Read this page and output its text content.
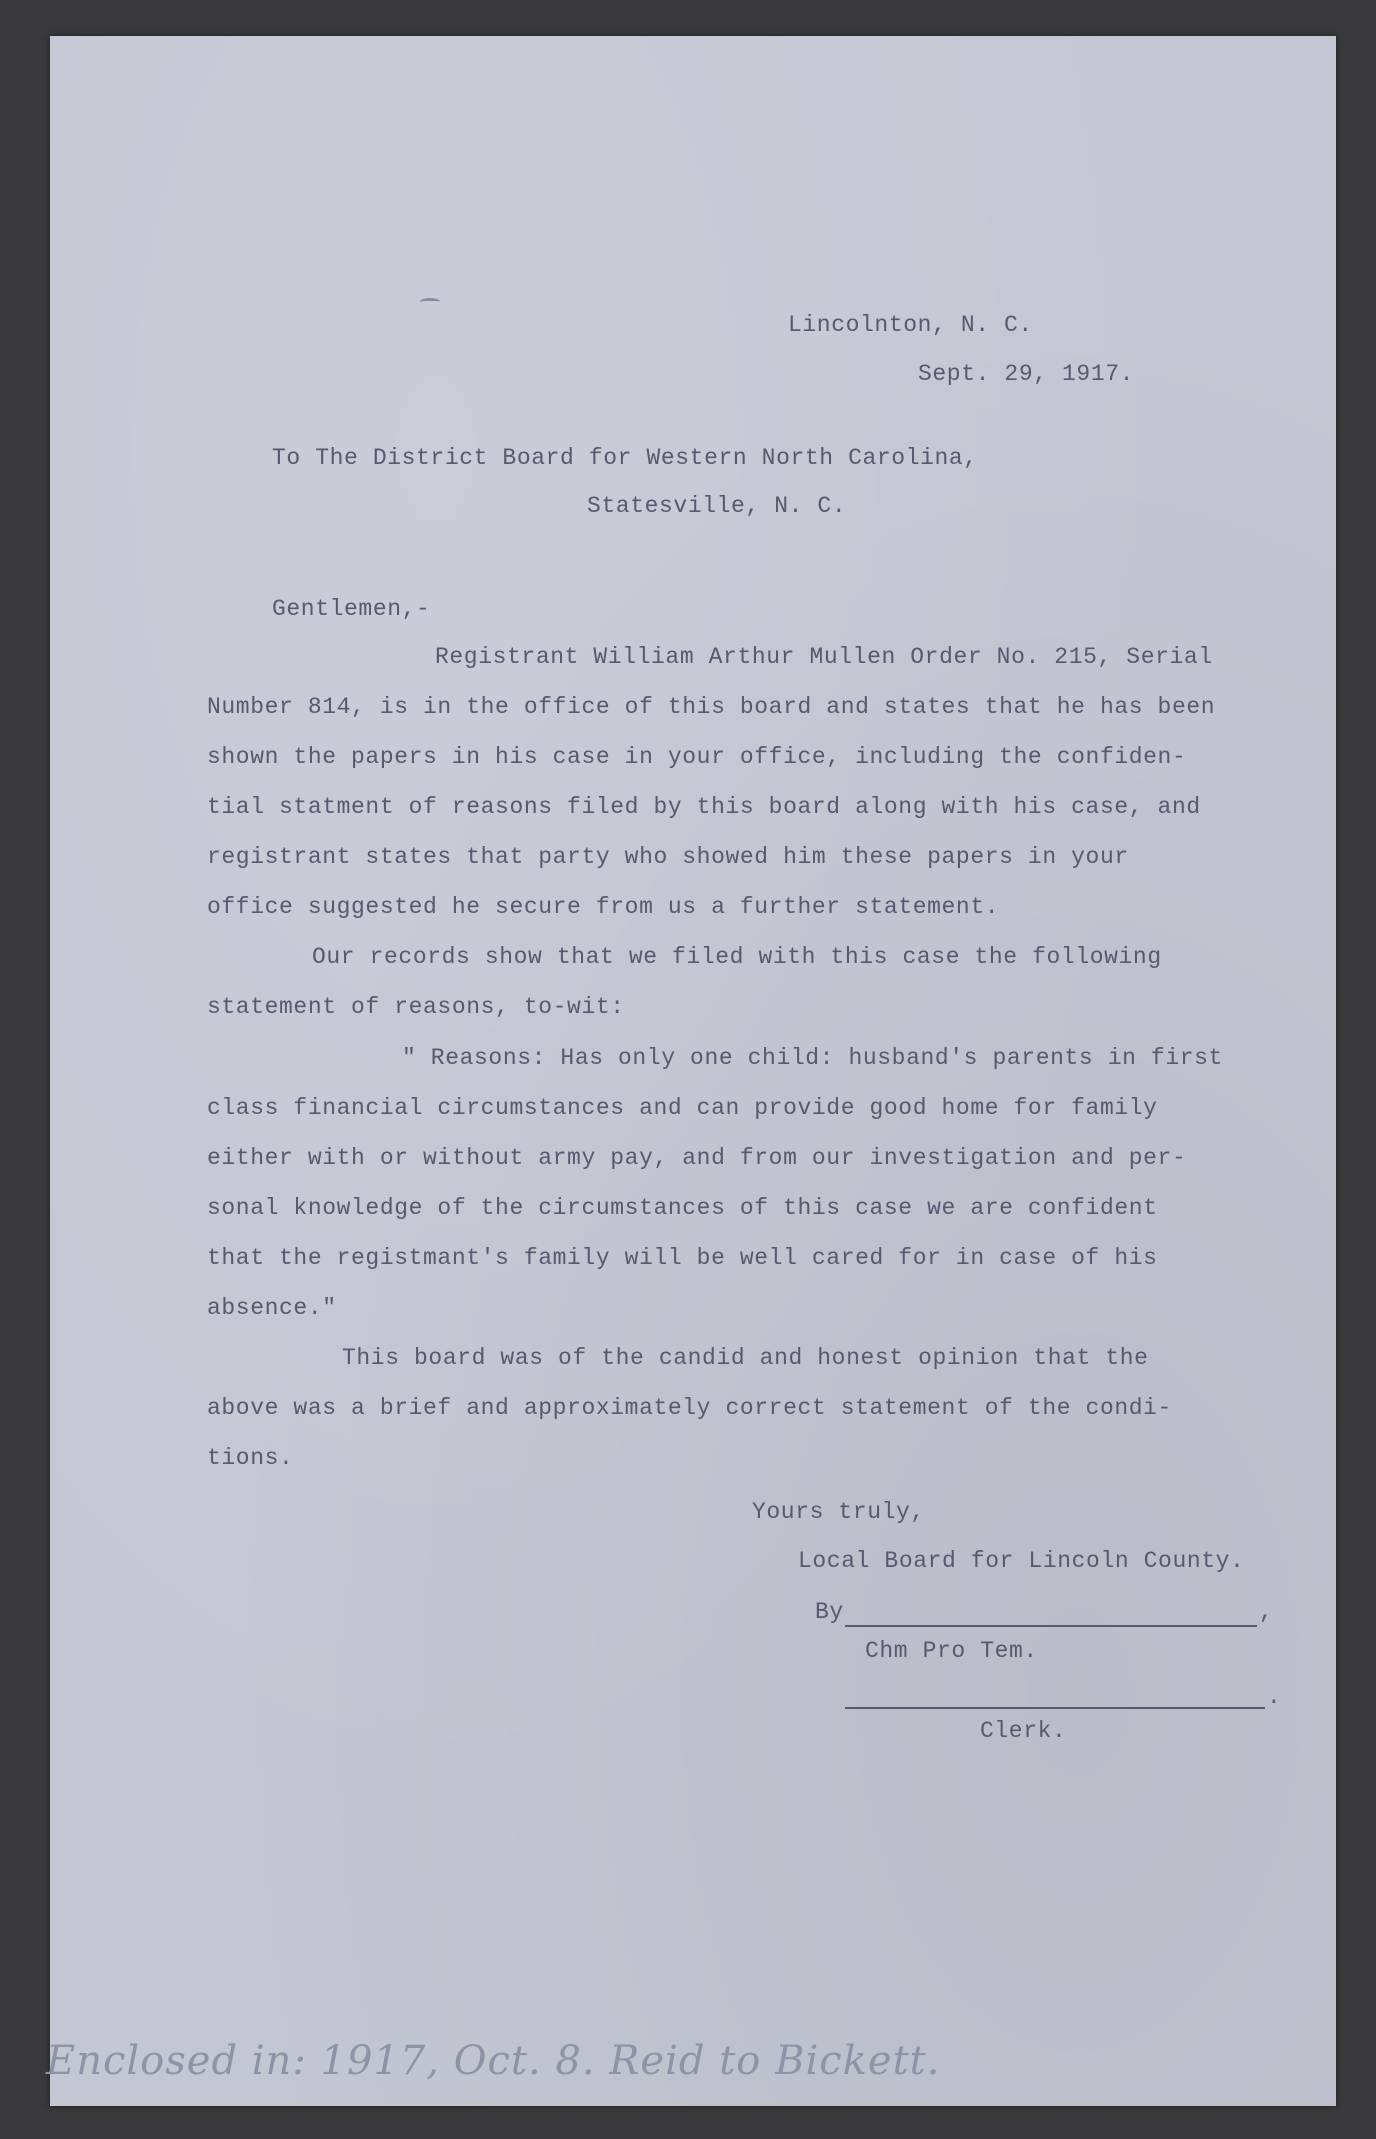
Lincolnton, N. C.
Sept. 29, 1917.
To The District Board for Western North Carolina,
Statesville, N. C.
Gentlemen,-
Registrant William Arthur Mullen Order No. 215, Serial
Number 814, is in the office of this board and states that he has been
shown the papers in his case in your office, including the confiden-
tial statment of reasons filed by this board along with his case, and
registrant states that party who showed him these papers in your
office suggested he secure from us a further statement.
Our records show that we filed with this case the following
statement of reasons, to-wit:
" Reasons: Has only one child: husband's parents in first
class financial circumstances and can provide good home for family
either with or without army pay, and from our investigation and per-
sonal knowledge of the circumstances of this case we are confident
that the registmant's family will be well cared for in case of his
absence."
This board was of the candid and honest opinion that the
above was a brief and approximately correct statement of the condi-
tions.
Yours truly,
Local Board for Lincoln County.
By	,
Chm Pro Tem.
.
Clerk.
Enclosed in: 1917, Oct. 8. Reid to Bickett.
